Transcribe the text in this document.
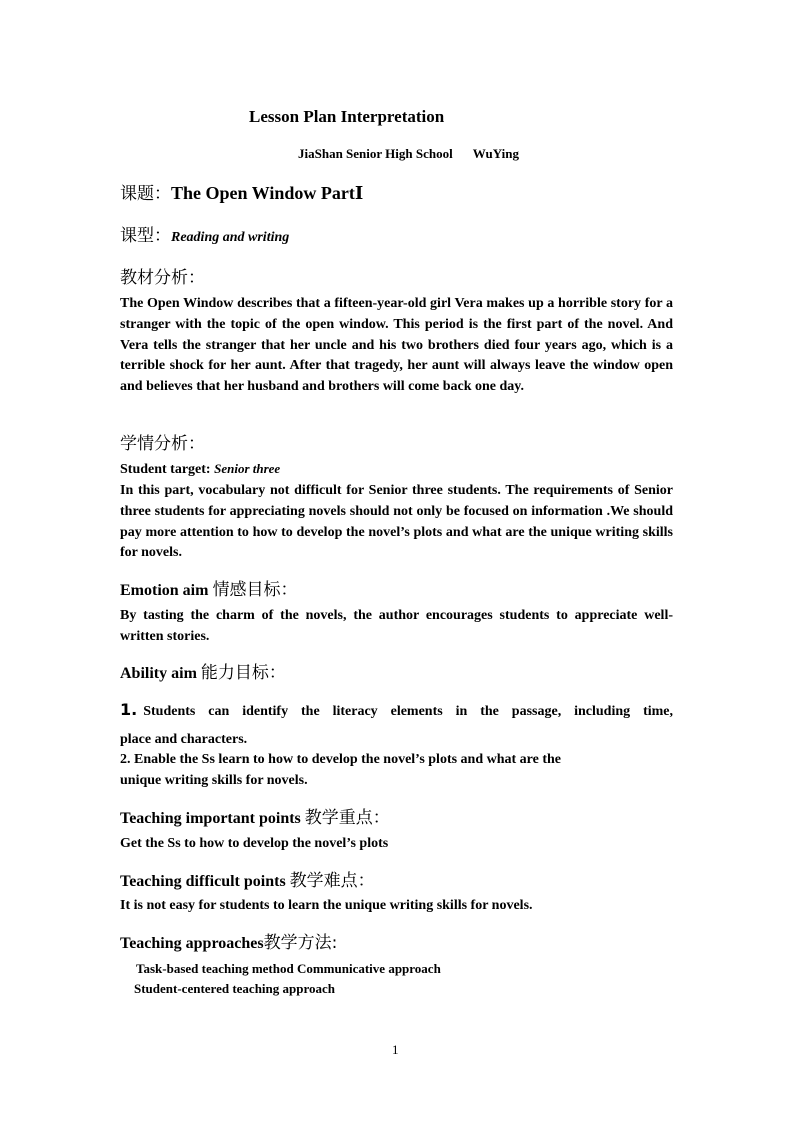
Lesson Plan Interpretation
JiaShan Senior High School WuYing
课题：The Open Window PartⅠ
课型：Reading and writing
教材分析：
The Open Window describes that a fifteen-year-old girl Vera makes up a horrible story for a stranger with the topic of the open window. This period is the first part of the novel. And Vera tells the stranger that her uncle and his two brothers died four years ago, which is a terrible shock for her aunt. After that tragedy, her aunt will always leave the window open and believes that her husband and brothers will come back one day.
学情分析：
Student target: Senior three
In this part, vocabulary not difficult for Senior three students. The requirements of Senior three students for appreciating novels should not only be focused on information .We should pay more attention to how to develop the novel’s plots and what are the unique writing skills for novels.
Emotion aim 情感目标：
By tasting the charm of the novels, the author encourages students to appreciate well-written stories.
Ability aim 能力目标：
1. Students can identify the literacy elements in the passage, including time,
place and characters.
2. Enable the Ss learn to how to develop the novel’s plots and what are the
unique writing skills for novels.
Teaching important points 教学重点：
Get the Ss to how to develop the novel’s plots
Teaching difficult points 教学难点：
It is not easy for students to learn the unique writing skills for novels.
Teaching approaches教学方法:
Task-based teaching method Communicative approach
Student-centered teaching approach
1
